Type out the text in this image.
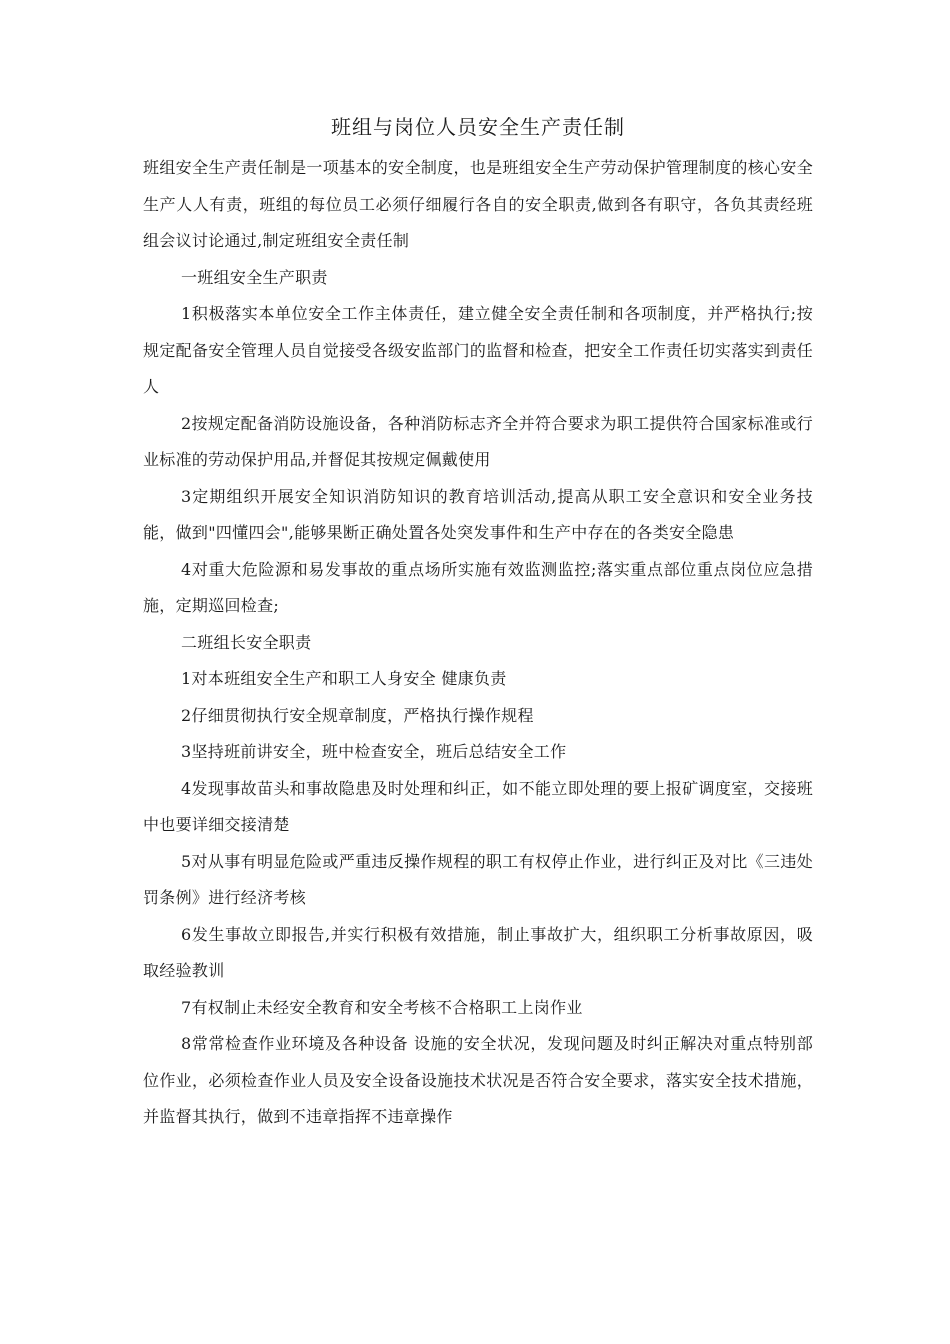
班组与岗位人员安全生产责任制

班组安全生产责任制是一项基本的安全制度，也是班组安全生产劳动保护管理制度的核心安全生产人人有责，班组的每位员工必须仔细履行各自的安全职责,做到各有职守，各负其责经班组会议讨论通过,制定班组安全责任制

一班组安全生产职责

1积极落实本单位安全工作主体责任，建立健全安全责任制和各项制度，并严格执行;按规定配备安全管理人员自觉接受各级安监部门的监督和检查，把安全工作责任切实落实到责任人

2按规定配备消防设施设备，各种消防标志齐全并符合要求为职工提供符合国家标准或行业标准的劳动保护用品,并督促其按规定佩戴使用

3定期组织开展安全知识消防知识的教育培训活动,提高从职工安全意识和安全业务技能，做到"四懂四会",能够果断正确处置各处突发事件和生产中存在的各类安全隐患

4对重大危险源和易发事故的重点场所实施有效监测监控;落实重点部位重点岗位应急措施，定期巡回检查;

二班组长安全职责

1对本班组安全生产和职工人身安全 健康负责

2仔细贯彻执行安全规章制度，严格执行操作规程

3坚持班前讲安全，班中检查安全，班后总结安全工作

4发现事故苗头和事故隐患及时处理和纠正，如不能立即处理的要上报矿调度室，交接班中也要详细交接清楚

5对从事有明显危险或严重违反操作规程的职工有权停止作业，进行纠正及对比《三违处罚条例》进行经济考核

6发生事故立即报告,并实行积极有效措施，制止事故扩大，组织职工分析事故原因，吸取经验教训

7有权制止未经安全教育和安全考核不合格职工上岗作业

8常常检查作业环境及各种设备 设施的安全状况，发现问题及时纠正解决对重点特别部位作业，必须检查作业人员及安全设备设施技术状况是否符合安全要求，落实安全技术措施，并监督其执行，做到不违章指挥不违章操作
